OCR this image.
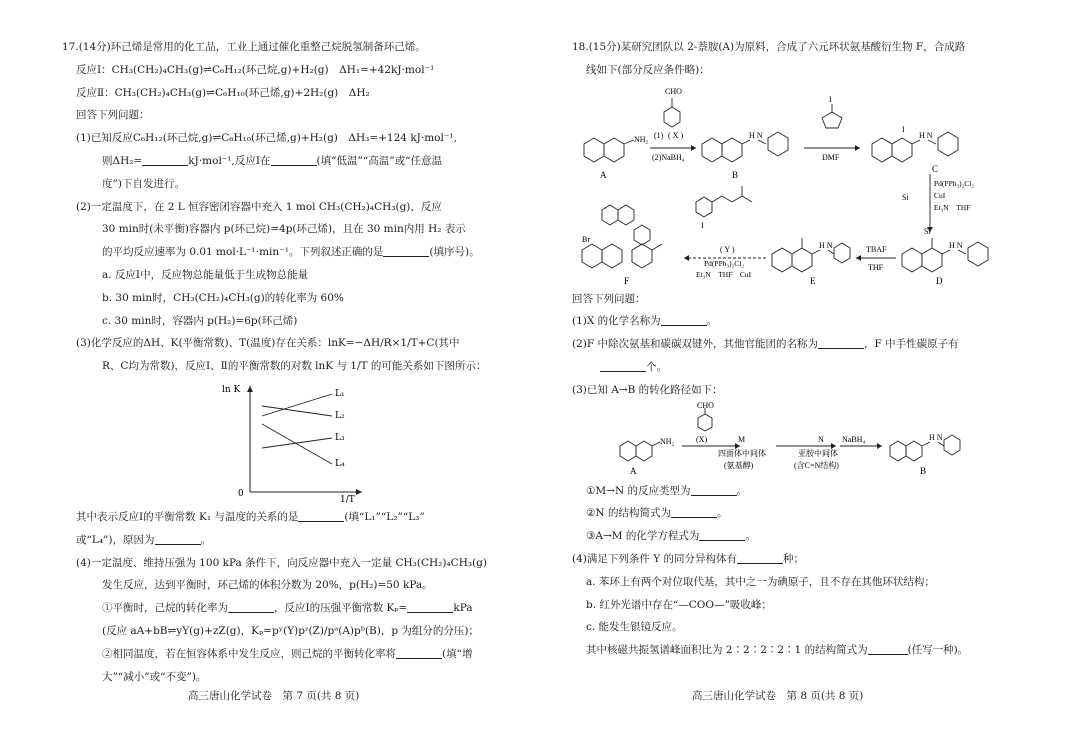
17.(14分)环己烯是常用的化工品，工业上通过催化重整己烷脱氢制备环己烯。
反应Ⅰ：CH₃(CH₂)₄CH₃(g)⇌C₆H₁₂(环己烷,g)+H₂(g)　ΔH₁=+42kJ·mol⁻¹
反应Ⅱ：CH₃(CH₂)₄CH₃(g)⇌C₆H₁₀(环己烯,g)+2H₂(g)　ΔH₂
回答下列问题：
(1)已知反应C₆H₁₂(环己烷,g)⇌C₆H₁₀(环己烯,g)+H₂(g)　ΔH₃=+124 kJ·mol⁻¹,
则ΔH₂=	kJ·mol⁻¹,反应Ⅰ在	(填“低温”“高温”或“任意温
度”)下自发进行。
(2)一定温度下，在 2 L 恒容密闭容器中充入 1 mol CH₃(CH₂)₄CH₃(g)，反应
30 min时(未平衡)容器内 p(环己烷)=4p(环己烯)，且在 30 min内用 H₂ 表示
的平均反应速率为 0.01 mol·L⁻¹·min⁻¹。下列叙述正确的是	(填序号)。
a. 反应Ⅰ中，反应物总能量低于生成物总能量
b. 30 min时，CH₃(CH₂)₄CH₃(g)的转化率为 60%
c. 30 min时，容器内 p(H₂)=6p(环己烯)
(3)化学反应的ΔH、K(平衡常数)、T(温度)存在关系：lnK=−ΔH/R×1/T+C(其中
R、C均为常数)，反应Ⅰ、Ⅱ的平衡常数的对数 lnK 与 1/T 的可能关系如下图所示：
ln K
0
1/T
L₁
L₂
L₃
L₄
其中表示反应Ⅰ的平衡常数 K₁ 与温度的关系的是	(填“L₁”“L₂”“L₃”
或“L₄”)，原因为	。
(4)一定温度、维持压强为 100 kPa 条件下，向反应器中充入一定量 CH₃(CH₂)₄CH₃(g)
发生反应，达到平衡时，环己烯的体积分数为 20%，p(H₂)=50 kPa。
①平衡时，己烷的转化率为	，反应Ⅰ的压强平衡常数 Kₚ=	kPa
(反应 aA+bB⇌yY(g)+zZ(g)，Kₚ=pʸ(Y)pᶻ(Z)/pᵃ(A)pᵇ(B)，p 为组分的分压)；
②相同温度，若在恒容体系中发生反应，则己烷的平衡转化率将	(填“增
大”“减小”或“不变”)。
18.(15分)某研究团队以 2-萘胺(A)为原料，合成了六元环状氨基酸衍生物 F，合成路
线如下(部分反应条件略)：
NH₂
A
CHO
(1) ( X )
(2)NaBH₄
H N
B
I
DMF
I
H N
C
Si
Pd(PPh₃)₂Cl₂
CuI
Et₃N　THF
Si
H N
D
TBAF
THF
H N
E
I
( Y )
Pd(PPh₃)₂Cl₂
Et₃N　THF　CuI
Br
F
回答下列问题：
(1)X 的化学名称为	。
(2)F 中除次氨基和碳碳双键外，其他官能团的名称为	，F 中手性碳原子有
个。
(3)已知 A→B 的转化路径如下：
NH₂
A
CHO
(X)	M
四面体中间体
(氨基醇)
N
亚胺中间体
(含C=N结构)
NaBH₄	H N
B
①M→N 的反应类型为	。
②N 的结构简式为	。
③A→M 的化学方程式为	。
(4)满足下列条件 Y 的同分异构体有	种；
a. 苯环上有两个对位取代基，其中之一为碘原子，且不存在其他环状结构；
b. 红外光谱中存在“—COO—”吸收峰；
c. 能发生银镜反应。
其中核磁共振氢谱峰面积比为 2∶2∶2∶2∶1 的结构简式为	(任写一种)。
高三唐山化学试卷　第 7 页(共 8 页)	高三唐山化学试卷　第 8 页(共 8 页)
